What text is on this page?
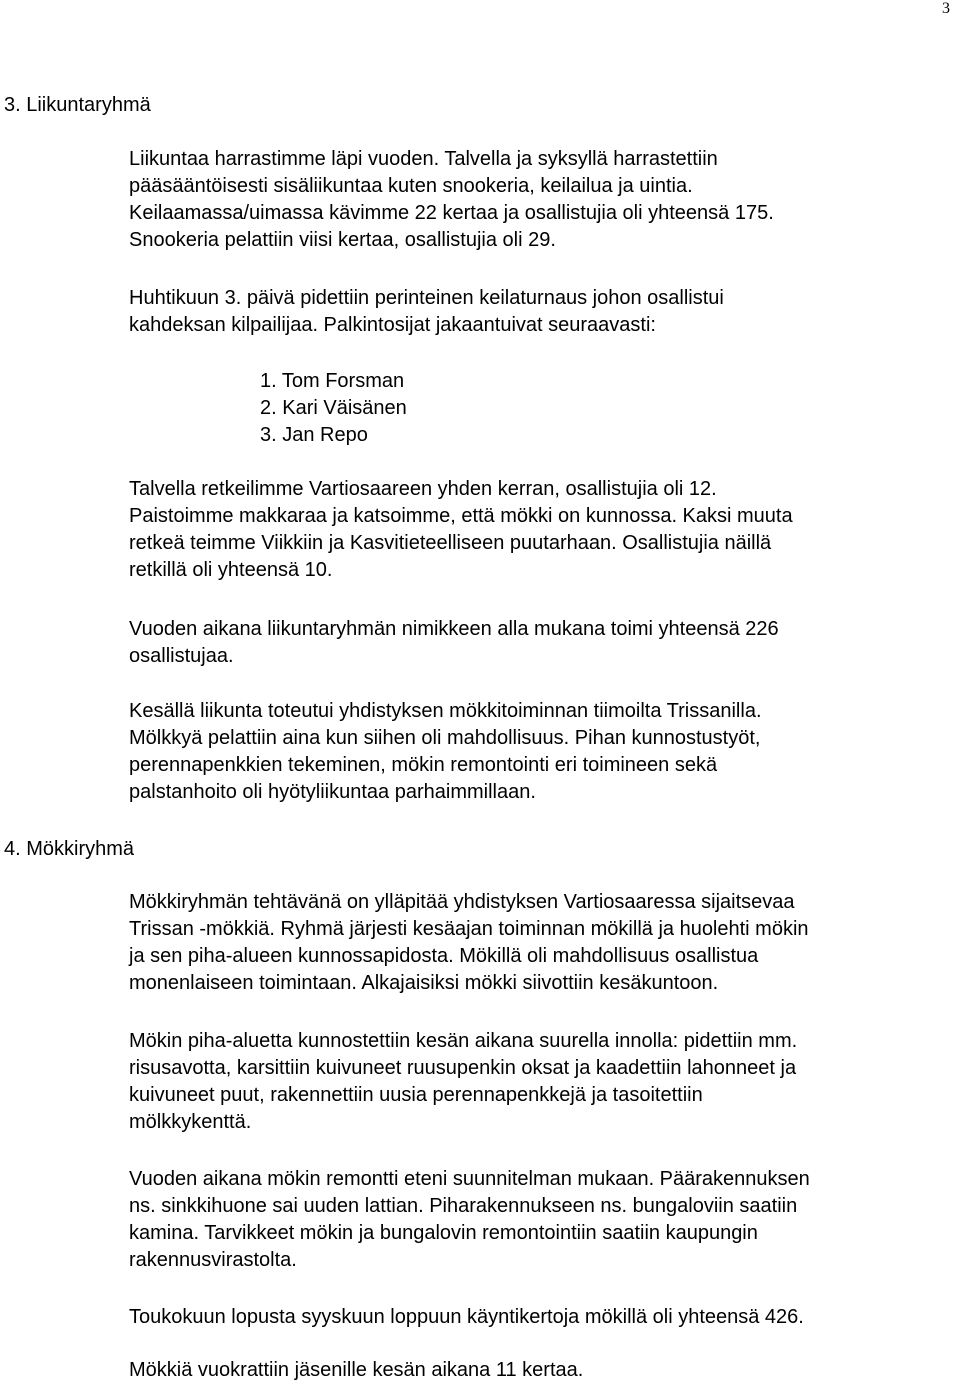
3
3. Liikuntaryhmä

Liikuntaa harrastimme läpi vuoden. Talvella ja syksyllä harrastettiin
pääsääntöisesti sisäliikuntaa kuten snookeria, keilailua ja uintia.
Keilaamassa/uimassa kävimme 22 kertaa ja osallistujia oli yhteensä 175.
Snookeria pelattiin viisi kertaa, osallistujia oli 29.

Huhtikuun 3. päivä pidettiin perinteinen keilaturnaus johon osallistui
kahdeksan kilpailijaa. Palkintosijat jakaantuivat seuraavasti:

1. Tom Forsman
2. Kari Väisänen
3. Jan Repo

Talvella retkeilimme Vartiosaareen yhden kerran, osallistujia oli 12.
Paistoimme makkaraa ja katsoimme, että mökki on kunnossa. Kaksi muuta
retkeä teimme Viikkiin ja Kasvitieteelliseen puutarhaan. Osallistujia näillä
retkillä oli yhteensä 10.

Vuoden aikana liikuntaryhmän nimikkeen alla mukana toimi yhteensä 226
osallistujaa.

Kesällä liikunta toteutui yhdistyksen mökkitoiminnan tiimoilta Trissanilla.
Mölkkyä pelattiin aina kun siihen oli mahdollisuus. Pihan kunnostustyöt,
perennapenkkien tekeminen, mökin remontointi eri toimineen sekä
palstanhoito oli hyötyliikuntaa parhaimmillaan.

4. Mökkiryhmä

Mökkiryhmän tehtävänä on ylläpitää yhdistyksen Vartiosaaressa sijaitsevaa
Trissan -mökkiä. Ryhmä järjesti kesäajan toiminnan mökillä ja huolehti mökin
ja sen piha-alueen kunnossapidosta. Mökillä oli mahdollisuus osallistua
monenlaiseen toimintaan. Alkajaisiksi mökki siivottiin kesäkuntoon.

Mökin piha-aluetta kunnostettiin kesän aikana suurella innolla: pidettiin mm.
risusavotta, karsittiin kuivuneet ruusupenkin oksat ja kaadettiin lahonneet ja
kuivuneet puut, rakennettiin uusia perennapenkkejä ja tasoitettiin
mölkkykenttä.

Vuoden aikana mökin remontti eteni suunnitelman mukaan. Päärakennuksen
ns. sinkkihuone sai uuden lattian. Piharakennukseen ns. bungaloviin saatiin
kamina. Tarvikkeet mökin ja bungalovin remontointiin saatiin kaupungin
rakennusvirastolta.

Toukokuun lopusta syyskuun loppuun käyntikertoja mökillä oli yhteensä 426.

Mökkiä vuokrattiin jäsenille kesän aikana 11 kertaa.
